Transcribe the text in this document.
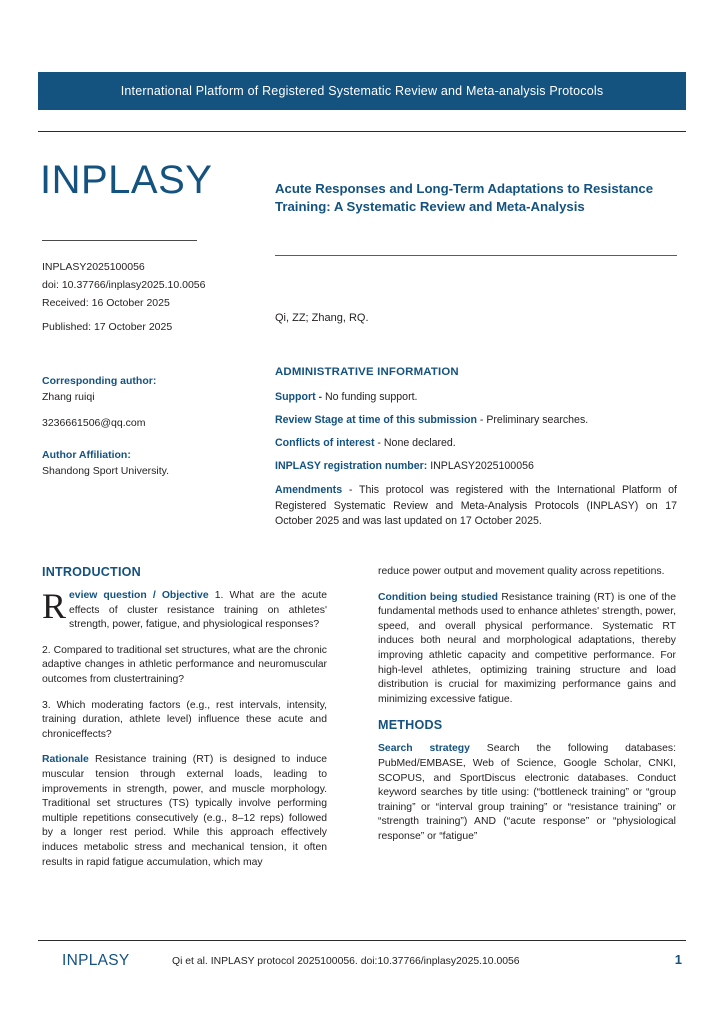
International Platform of Registered Systematic Review and Meta-analysis Protocols
INPLASY
INPLASY2025100056
doi: 10.37766/inplasy2025.10.0056
Received: 16 October 2025
Published: 17 October 2025
Corresponding author:
Zhang ruiqi
3236661506@qq.com
Author Affiliation:
Shandong Sport University.
Acute Responses and Long-Term Adaptations to Resistance Training: A Systematic Review and Meta-Analysis
Qi, ZZ; Zhang, RQ.
ADMINISTRATIVE INFORMATION
Support - No funding support.
Review Stage at time of this submission - Preliminary searches.
Conflicts of interest - None declared.
INPLASY registration number: INPLASY2025100056
Amendments - This protocol was registered with the International Platform of Registered Systematic Review and Meta-Analysis Protocols (INPLASY) on 17 October 2025 and was last updated on 17 October 2025.
INTRODUCTION
Review question / Objective 1. What are the acute effects of cluster resistance training on athletes' strength, power, fatigue, and physiological responses?
2. Compared to traditional set structures, what are the chronic adaptive changes in athletic performance and neuromuscular outcomes from clustertraining?
3. Which moderating factors (e.g., rest intervals, intensity, training duration, athlete level) influence these acute and chroniceffects?
Rationale Resistance training (RT) is designed to induce muscular tension through external loads, leading to improvements in strength, power, and muscle morphology. Traditional set structures (TS) typically involve performing multiple repetitions consecutively (e.g., 8–12 reps) followed by a longer rest period. While this approach effectively induces metabolic stress and mechanical tension, it often results in rapid fatigue accumulation, which may
reduce power output and movement quality across repetitions.
Condition being studied Resistance training (RT) is one of the fundamental methods used to enhance athletes' strength, power, speed, and overall physical performance. Systematic RT induces both neural and morphological adaptations, thereby improving athletic capacity and competitive performance. For high-level athletes, optimizing training structure and load distribution is crucial for maximizing performance gains and minimizing excessive fatigue.
METHODS
Search strategy Search the following databases: PubMed/EMBASE, Web of Science, Google Scholar, CNKI, SCOPUS, and SportDiscus electronic databases. Conduct keyword searches by title using: (“bottleneck training” or “group training” or “interval group training” or “resistance training” or “strength training”) AND (“acute response” or “physiological response” or “fatigue”
INPLASY	Qi et al. INPLASY protocol 2025100056. doi:10.37766/inplasy2025.10.0056	1
